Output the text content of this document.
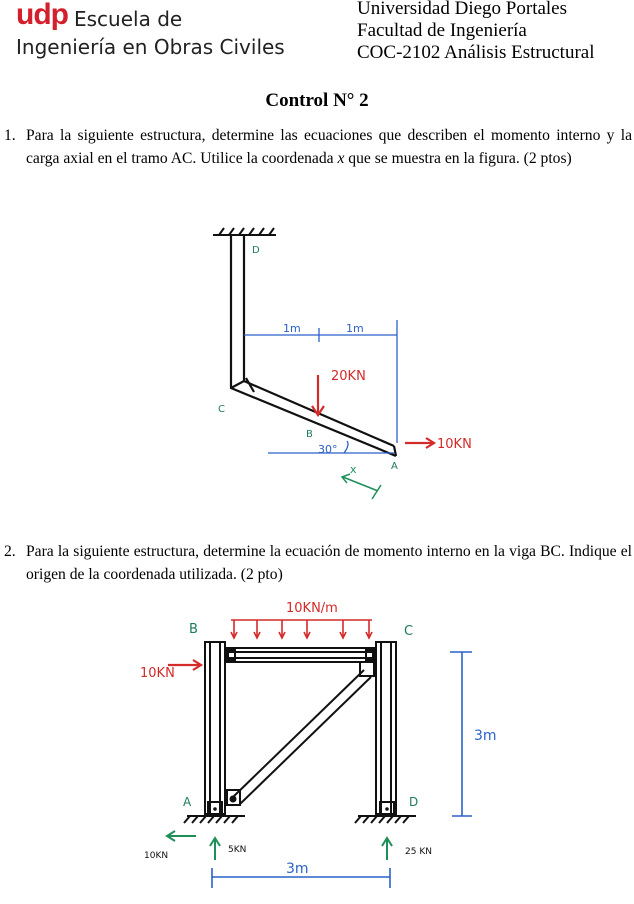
udp Escuela de
Ingeniería en Obras Civiles
Universidad Diego Portales
Facultad de Ingeniería
COC-2102 Análisis Estructural
Control N° 2
1. Para la siguiente estructura, determine las ecuaciones que describen el momento interno y la carga axial en el tramo AC. Utilice la coordenada x que se muestra en la figura. (2 ptos)
1m	1m
20KN
10KN
30°
x
D
C
B
A
2. Para la siguiente estructura, determine la ecuación de momento interno en la viga BC. Indique el origen de la coordenada utilizada. (2 pto)
10KN/m
10KN
3m
3m
10KN
5KN	25 KN
B	C
A	D
